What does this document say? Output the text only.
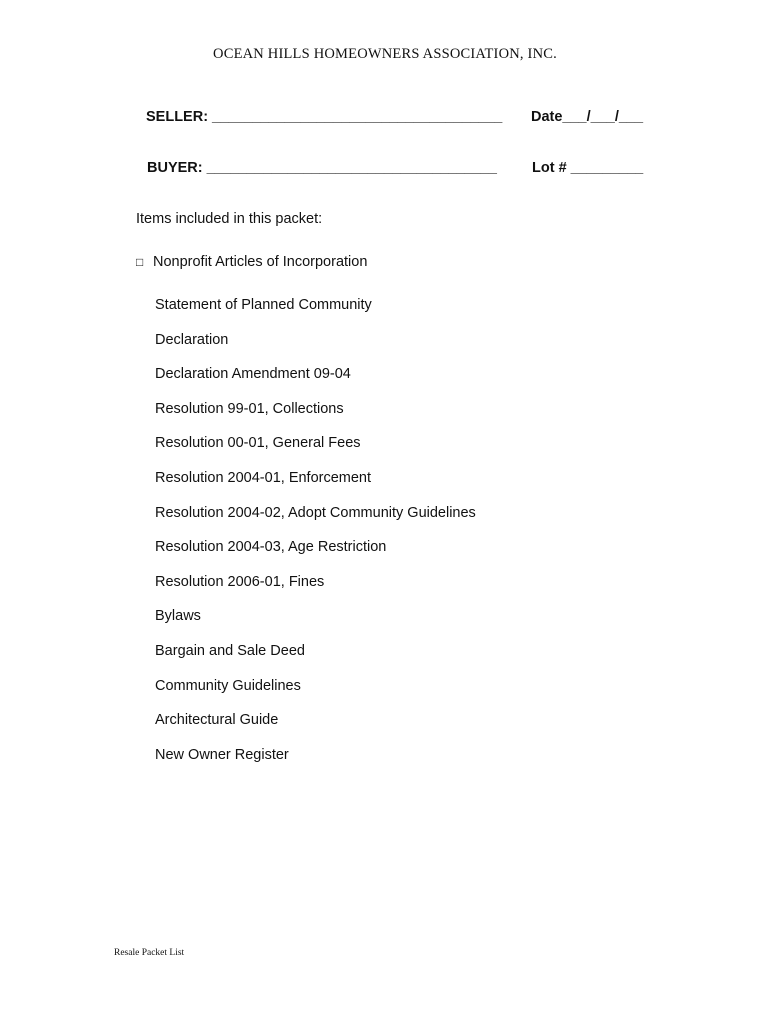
OCEAN HILLS HOMEOWNERS ASSOCIATION, INC.
SELLER: ____________________________________ Date___/___/___
BUYER: ____________________________________ Lot # _________
Items included in this packet:
□ Nonprofit Articles of Incorporation
Statement of Planned Community
Declaration
Declaration Amendment 09-04
Resolution 99-01, Collections
Resolution 00-01, General Fees
Resolution 2004-01, Enforcement
Resolution 2004-02, Adopt Community Guidelines
Resolution 2004-03, Age Restriction
Resolution 2006-01, Fines
Bylaws
Bargain and Sale Deed
Community Guidelines
Architectural Guide
New Owner Register
Resale Packet List
